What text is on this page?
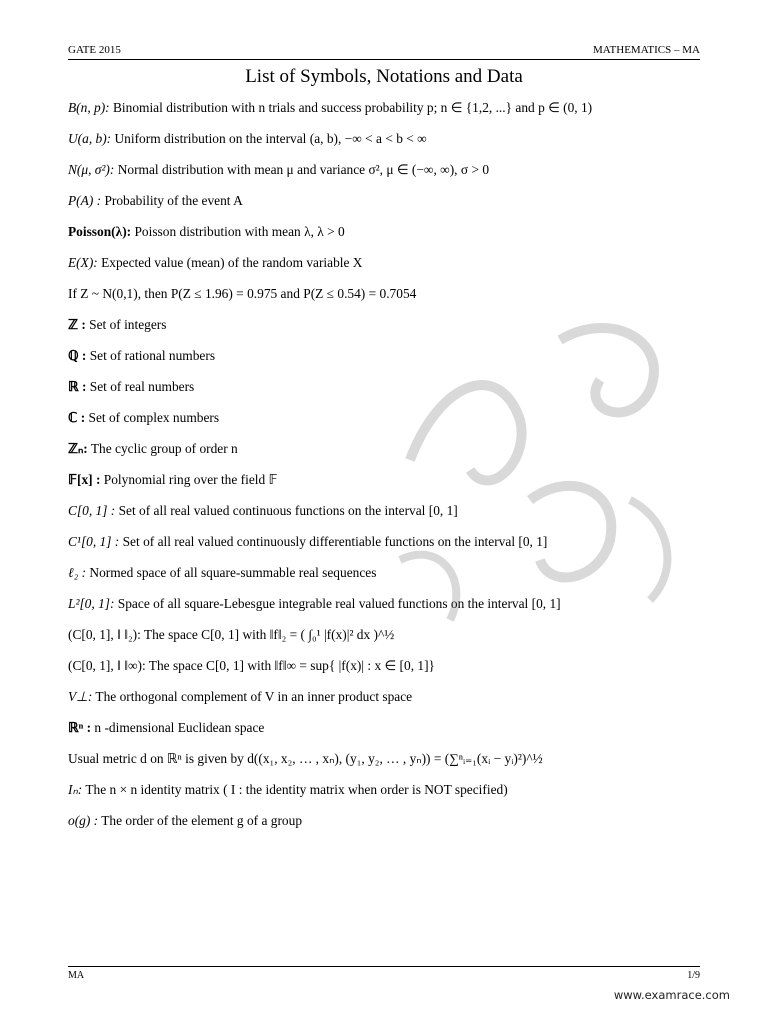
GATE 2015	MATHEMATICS – MA
List of Symbols, Notations and Data
B(n, p): Binomial distribution with n trials and success probability p; n ∈ {1,2, ...} and p ∈ (0, 1)
U(a, b): Uniform distribution on the interval (a, b), −∞ < a < b < ∞
N(μ, σ²): Normal distribution with mean μ and variance σ², μ ∈ (−∞, ∞), σ > 0
P(A) : Probability of the event A
Poisson(λ): Poisson distribution with mean λ, λ > 0
E(X): Expected value (mean) of the random variable X
If Z ~ N(0,1), then P(Z ≤ 1.96) = 0.975 and P(Z ≤ 0.54) = 0.7054
ℤ : Set of integers
ℚ : Set of rational numbers
ℝ : Set of real numbers
ℂ : Set of complex numbers
ℤₙ: The cyclic group of order n
𝔽[x] : Polynomial ring over the field 𝔽
C[0, 1] : Set of all real valued continuous functions on the interval [0, 1]
C¹[0, 1] : Set of all real valued continuously differentiable functions on the interval [0, 1]
ℓ₂ : Normed space of all square-summable real sequences
L²[0, 1]: Space of all square-Lebesgue integrable real valued functions on the interval [0, 1]
(C[0, 1], ‖ ‖₂): The space C[0, 1] with ‖f‖₂ = ( ∫₀¹ |f(x)|² dx )^½
(C[0, 1], ‖ ‖∞): The space C[0, 1] with ‖f‖∞ = sup{ |f(x)| : x ∈ [0, 1]}
V⊥: The orthogonal complement of V in an inner product space
ℝⁿ : n -dimensional Euclidean space
Usual metric d on ℝⁿ is given by d((x₁, x₂, … , xₙ), (y₁, y₂, … , yₙ)) = (∑ⁿᵢ₌₁(xᵢ − yᵢ)²)^½
Iₙ: The n × n identity matrix ( I : the identity matrix when order is NOT specified)
o(g) : The order of the element g of a group
MA	1/9
www.examrace.com
